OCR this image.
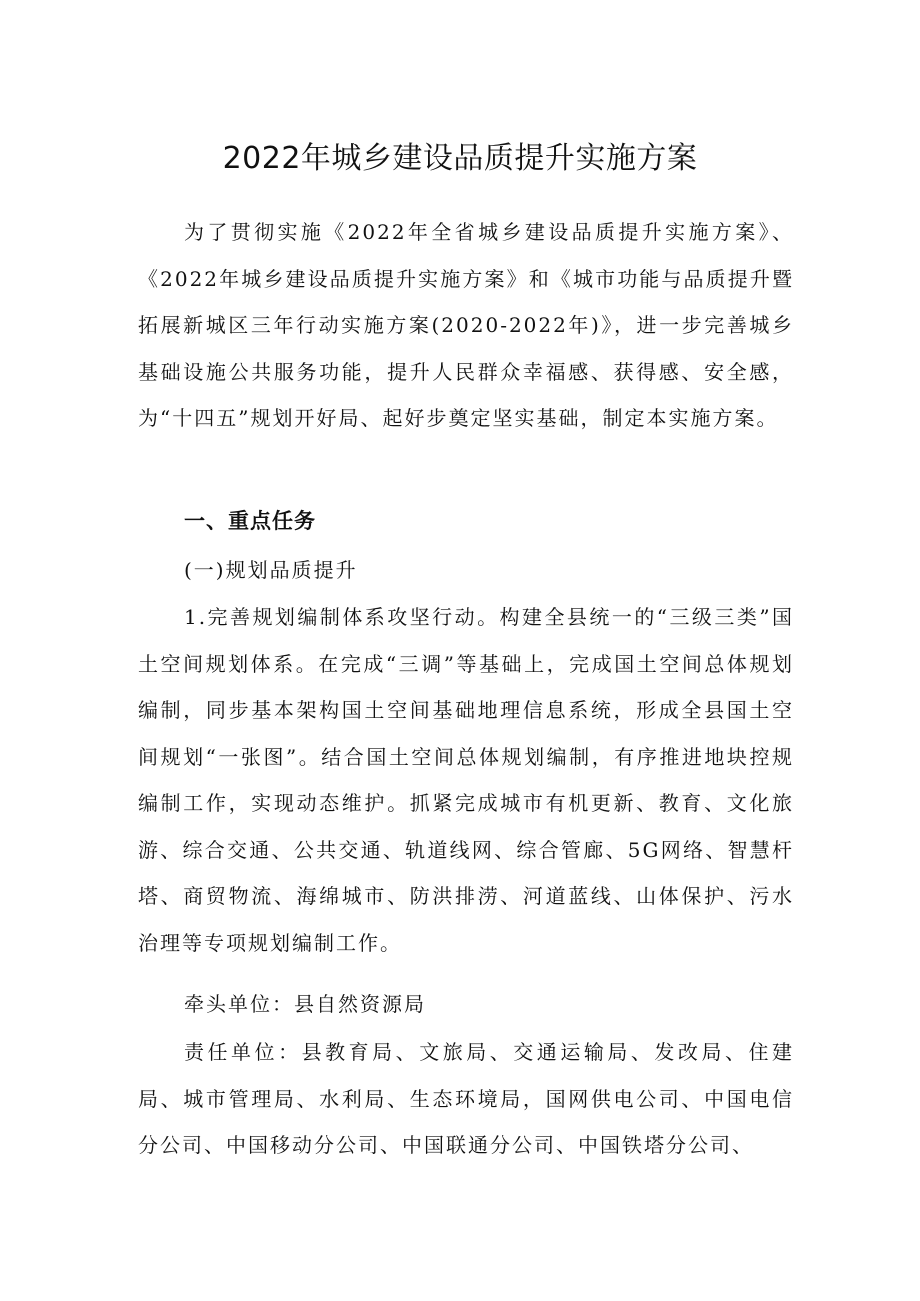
2022年城乡建设品质提升实施方案

为了贯彻实施《2022年全省城乡建设品质提升实施方案》、《2022年城乡建设品质提升实施方案》和《城市功能与品质提升暨拓展新城区三年行动实施方案(2020-2022年)》，进一步完善城乡基础设施公共服务功能，提升人民群众幸福感、获得感、安全感，为“十四五”规划开好局、起好步奠定坚实基础，制定本实施方案。

一、重点任务

(一)规划品质提升

1.完善规划编制体系攻坚行动。构建全县统一的“三级三类”国土空间规划体系。在完成“三调”等基础上，完成国土空间总体规划编制，同步基本架构国土空间基础地理信息系统，形成全县国土空间规划“一张图”。结合国土空间总体规划编制，有序推进地块控规编制工作，实现动态维护。抓紧完成城市有机更新、教育、文化旅游、综合交通、公共交通、轨道线网、综合管廊、5G网络、智慧杆塔、商贸物流、海绵城市、防洪排涝、河道蓝线、山体保护、污水治理等专项规划编制工作。

牵头单位：县自然资源局

责任单位：县教育局、文旅局、交通运输局、发改局、住建局、城市管理局、水利局、生态环境局，国网供电公司、中国电信分公司、中国移动分公司、中国联通分公司、中国铁塔分公司、
